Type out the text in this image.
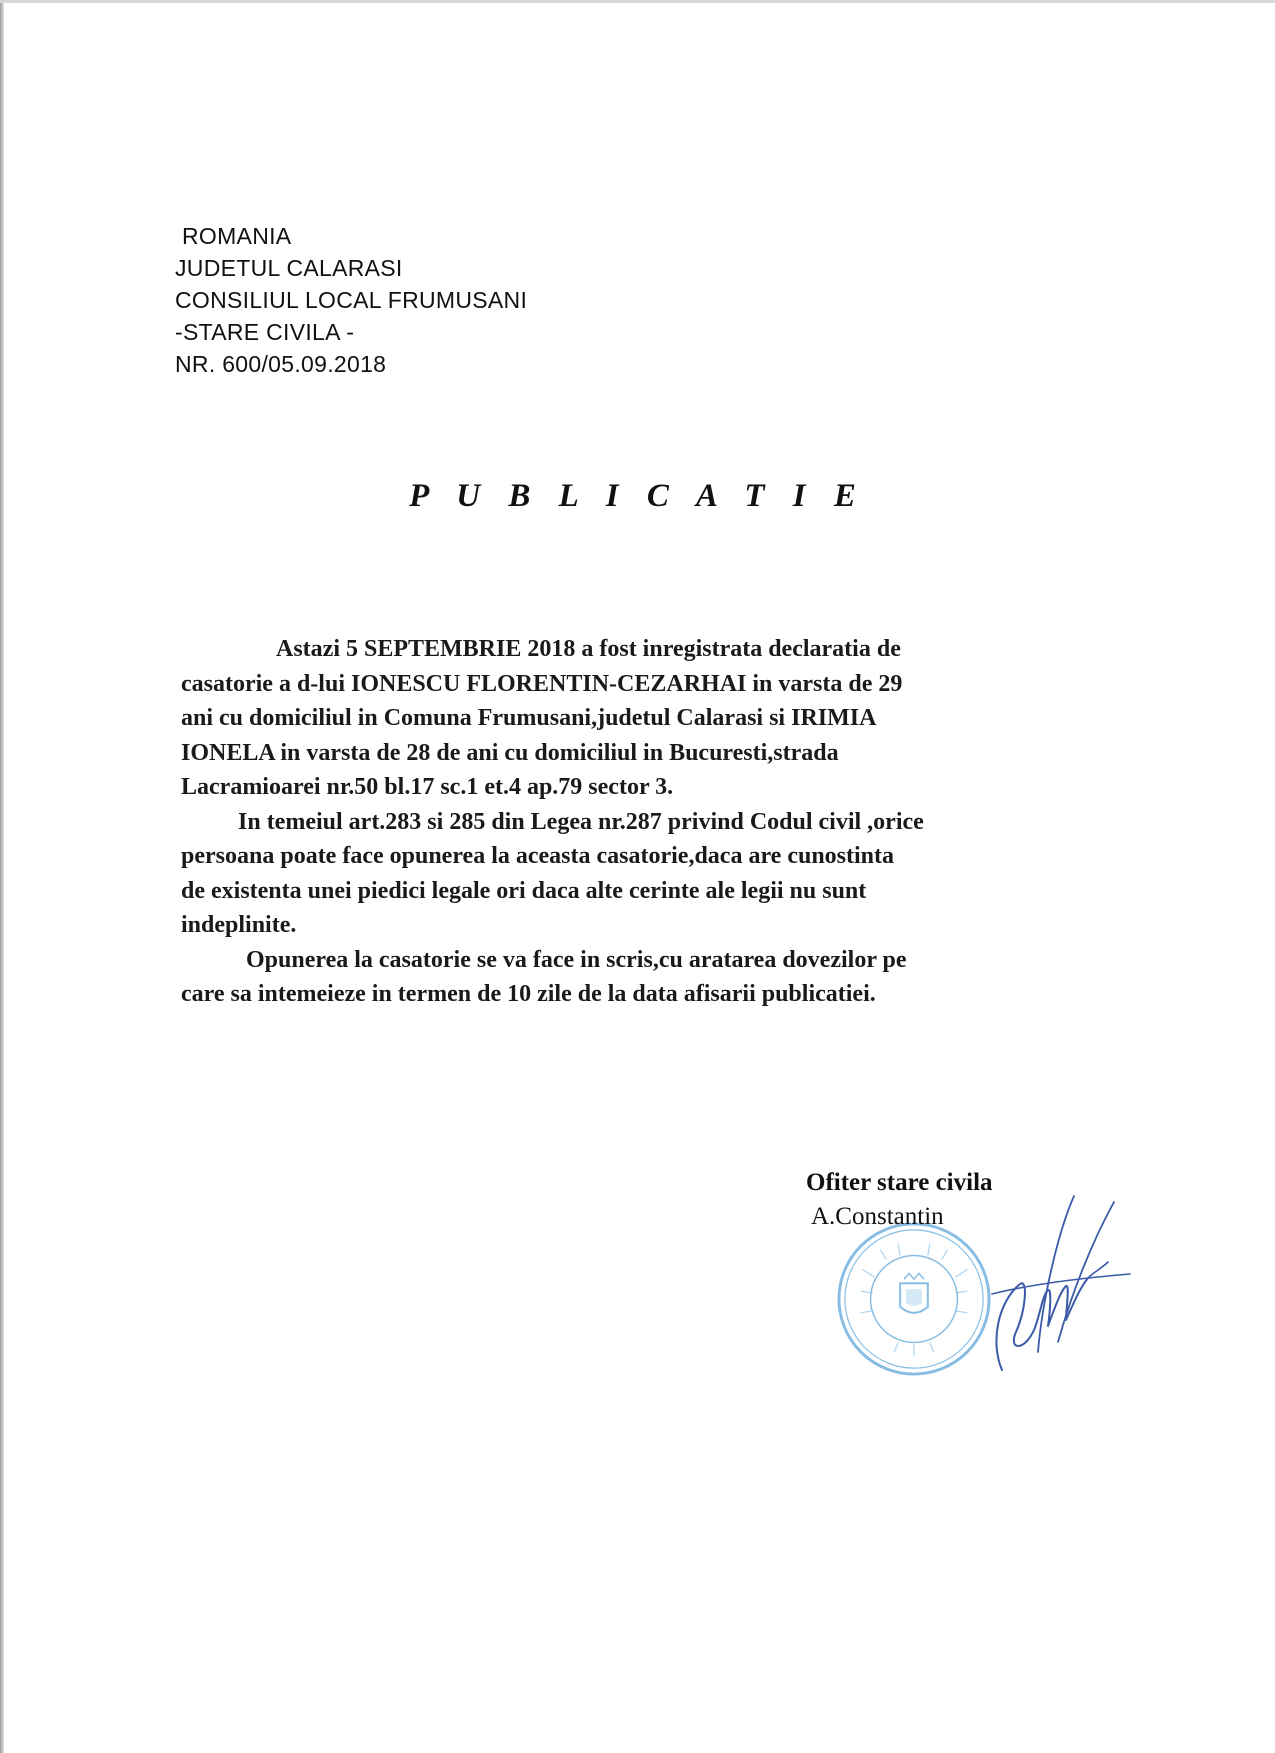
ROMANIA
JUDETUL CALARASI
CONSILIUL LOCAL FRUMUSANI
-STARE CIVILA -
NR. 600/05.09.2018
P U B L I C A T I E
Astazi 5 SEPTEMBRIE 2018 a fost inregistrata declaratia de
casatorie a d-lui IONESCU FLORENTIN-CEZARHAI in varsta de 29
ani cu domiciliul in Comuna Frumusani,judetul Calarasi si IRIMIA
IONELA in varsta de 28 de ani cu domiciliul in Bucuresti,strada
Lacramioarei nr.50 bl.17 sc.1 et.4 ap.79 sector 3.
In temeiul art.283 si 285 din Legea nr.287 privind Codul civil ,orice
persoana poate face opunerea la aceasta casatorie,daca are cunostinta
de existenta unei piedici legale ori daca alte cerinte ale legii nu sunt
indeplinite.
Opunerea la casatorie se va face in scris,cu aratarea dovezilor pe
care sa intemeieze in termen de 10 zile de la data afisarii publicatiei.
Ofiter stare civila
A.Constantin
